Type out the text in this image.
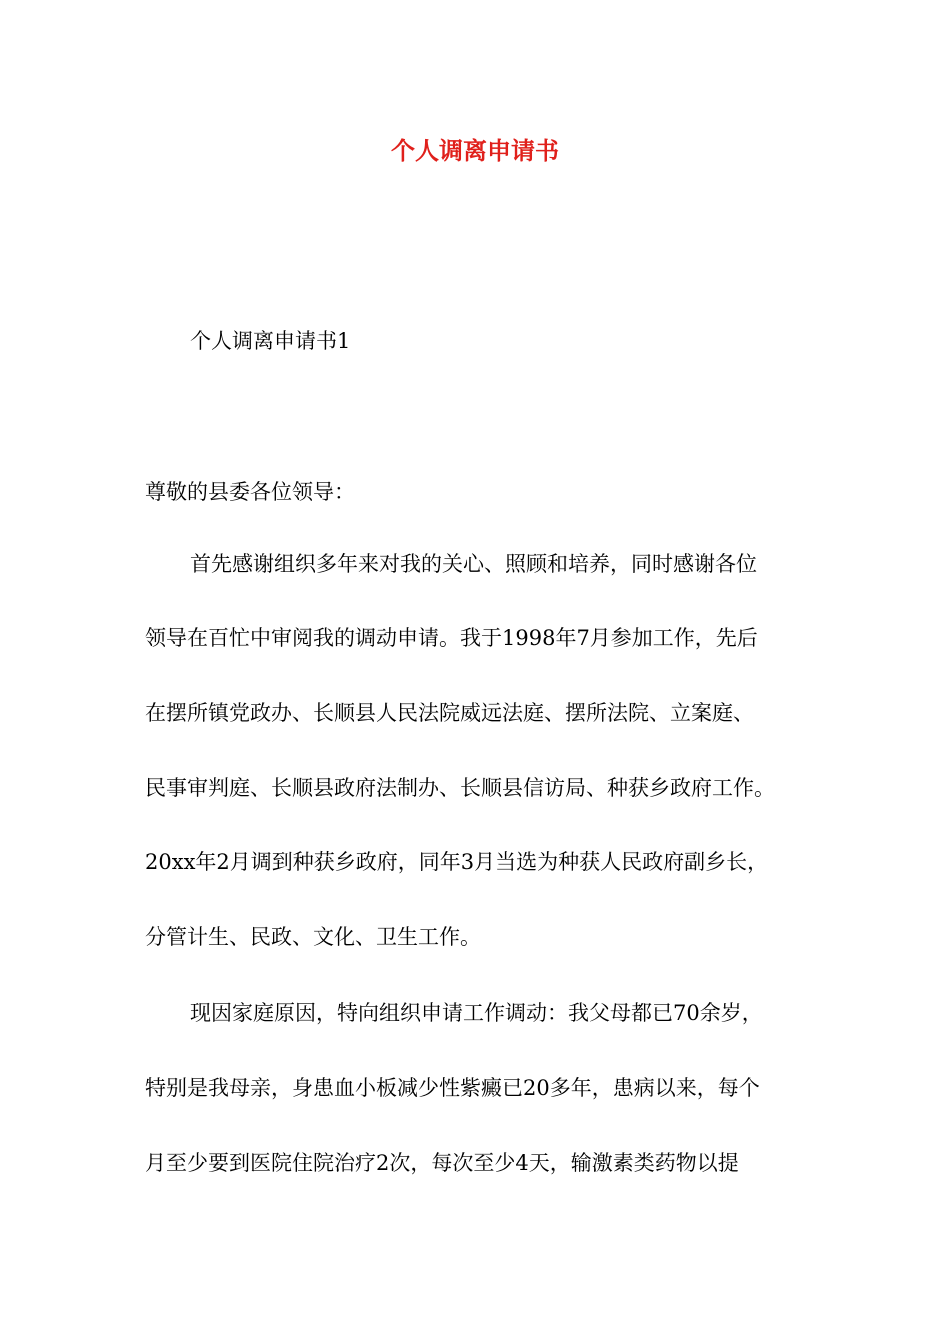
个人调离申请书
个人调离申请书1
尊敬的县委各位领导：
首先感谢组织多年来对我的关心、照顾和培养，同时感谢各位
领导在百忙中审阅我的调动申请。我于1998年7月参加工作，先后
在摆所镇党政办、长顺县人民法院威远法庭、摆所法院、立案庭、
民事审判庭、长顺县政府法制办、长顺县信访局、种获乡政府工作。
20xx年2月调到种获乡政府，同年3月当选为种获人民政府副乡长，
分管计生、民政、文化、卫生工作。
现因家庭原因，特向组织申请工作调动：我父母都已70余岁，
特别是我母亲，身患血小板减少性紫癜已20多年，患病以来，每个
月至少要到医院住院治疗2次，每次至少4天，输激素类药物以提
